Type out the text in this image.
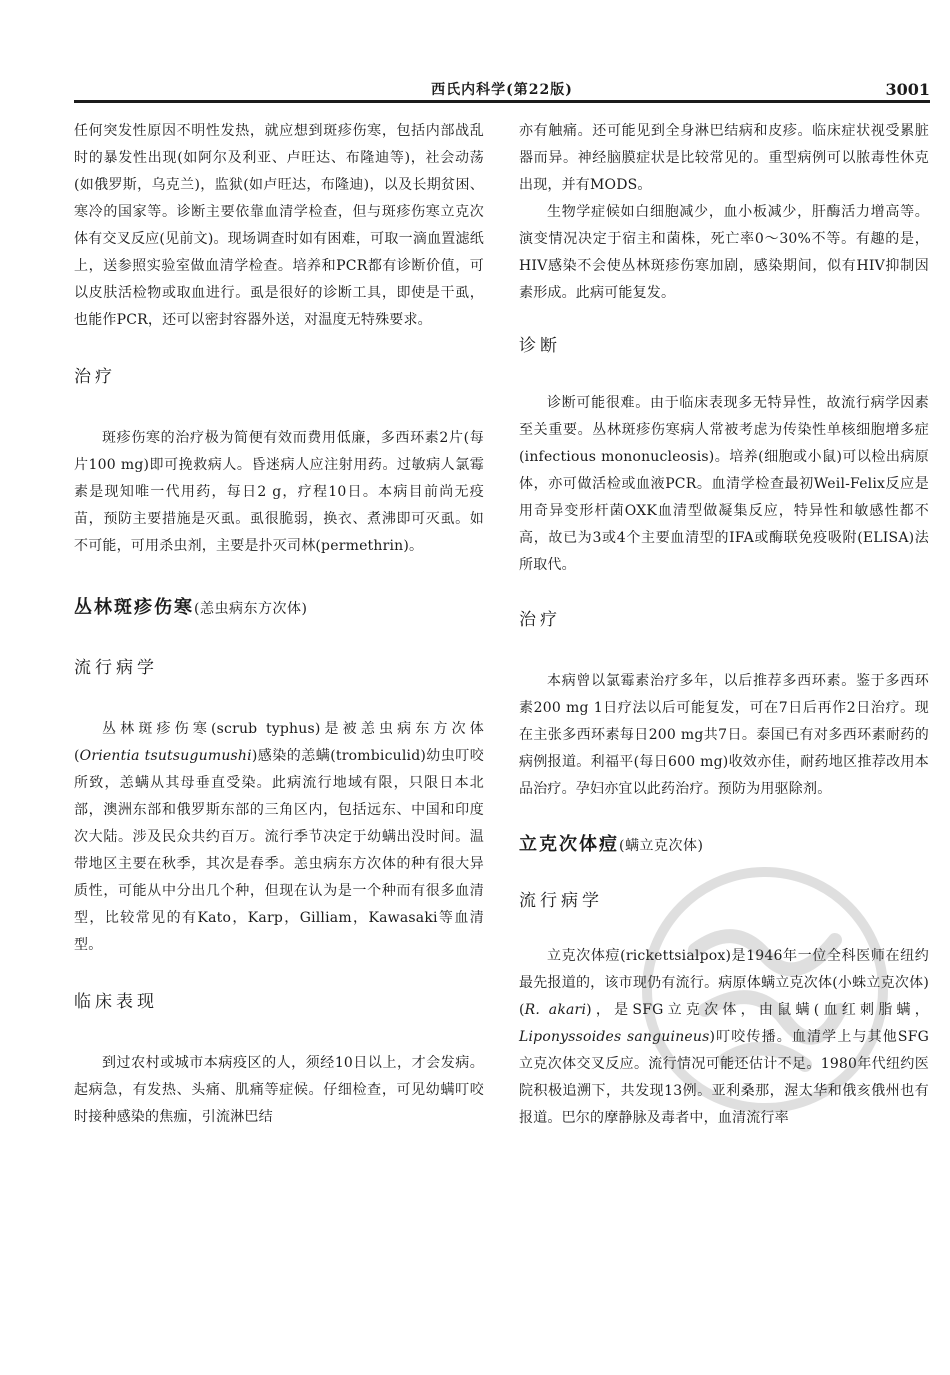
西氏内科学(第22版)	3001

任何突发性原因不明性发热，就应想到斑疹伤寒，包括内部战乱时的暴发性出现(如阿尔及利亚、卢旺达、布隆迪等)，社会动荡(如俄罗斯，乌克兰)，监狱(如卢旺达，布隆迪)，以及长期贫困、寒冷的国家等。诊断主要依靠血清学检查，但与斑疹伤寒立克次体有交叉反应(见前文)。现场调查时如有困难，可取一滴血置滤纸上，送参照实验室做血清学检查。培养和PCR都有诊断价值，可以皮肤活检物或取血进行。虱是很好的诊断工具，即使是干虱，也能作PCR，还可以密封容器外送，对温度无特殊要求。

治疗

斑疹伤寒的治疗极为简便有效而费用低廉，多西环素2片(每片100 mg)即可挽救病人。昏迷病人应注射用药。过敏病人氯霉素是现知唯一代用药，每日2 g，疗程10日。本病目前尚无疫苗，预防主要措施是灭虱。虱很脆弱，换衣、煮沸即可灭虱。如不可能，可用杀虫剂，主要是扑灭司林(permethrin)。

丛林斑疹伤寒(恙虫病东方次体)
流行病学

丛林斑疹伤寒(scrub typhus)是被恙虫病东方次体(Orientia tsutsugumushi)感染的恙螨(trombiculid)幼虫叮咬所致，恙螨从其母垂直受染。此病流行地域有限，只限日本北部，澳洲东部和俄罗斯东部的三角区内，包括远东、中国和印度次大陆。涉及民众共约百万。流行季节决定于幼螨出没时间。温带地区主要在秋季，其次是春季。恙虫病东方次体的种有很大异质性，可能从中分出几个种，但现在认为是一个种而有很多血清型，比较常见的有Kato，Karp，Gilliam，Kawasaki等血清型。

临床表现

到过农村或城市本病疫区的人，须经10日以上，才会发病。起病急，有发热、头痛、肌痛等症候。仔细检查，可见幼螨叮咬时接种感染的焦痂，引流淋巴结

亦有触痛。还可能见到全身淋巴结病和皮疹。临床症状视受累脏器而异。神经脑膜症状是比较常见的。重型病例可以脓毒性休克出现，并有MODS。

生物学症候如白细胞减少，血小板减少，肝酶活力增高等。演变情况决定于宿主和菌株，死亡率0～30%不等。有趣的是，HIV感染不会使丛林斑疹伤寒加剧，感染期间，似有HIV抑制因素形成。此病可能复发。

诊断

诊断可能很难。由于临床表现多无特异性，故流行病学因素至关重要。丛林斑疹伤寒病人常被考虑为传染性单核细胞增多症(infectious mononucleosis)。培养(细胞或小鼠)可以检出病原体，亦可做活检或血液PCR。血清学检查最初Weil-Felix反应是用奇异变形杆菌OXK血清型做凝集反应，特异性和敏感性都不高，故已为3或4个主要血清型的IFA或酶联免疫吸附(ELISA)法所取代。

治疗

本病曾以氯霉素治疗多年，以后推荐多西环素。鉴于多西环素200 mg 1日疗法以后可能复发，可在7日后再作2日治疗。现在主张多西环素每日200 mg共7日。泰国已有对多西环素耐药的病例报道。利福平(每日600 mg)收效亦佳，耐药地区推荐改用本品治疗。孕妇亦宜以此药治疗。预防为用驱除剂。

立克次体痘(螨立克次体)
流行病学

立克次体痘(rickettsialpox)是1946年一位全科医师在纽约最先报道的，该市现仍有流行。病原体螨立克次体(小蛛立克次体)(R. akari)，是SFG立克次体，由鼠螨(血红刺脂螨，Liponyssoides sanguineus)叮咬传播。血清学上与其他SFG立克次体交叉反应。流行情况可能还估计不足。1980年代纽约医院积极追溯下，共发现13例。亚利桑那，渥太华和俄亥俄州也有报道。巴尔的摩静脉及毒者中，血清流行率
